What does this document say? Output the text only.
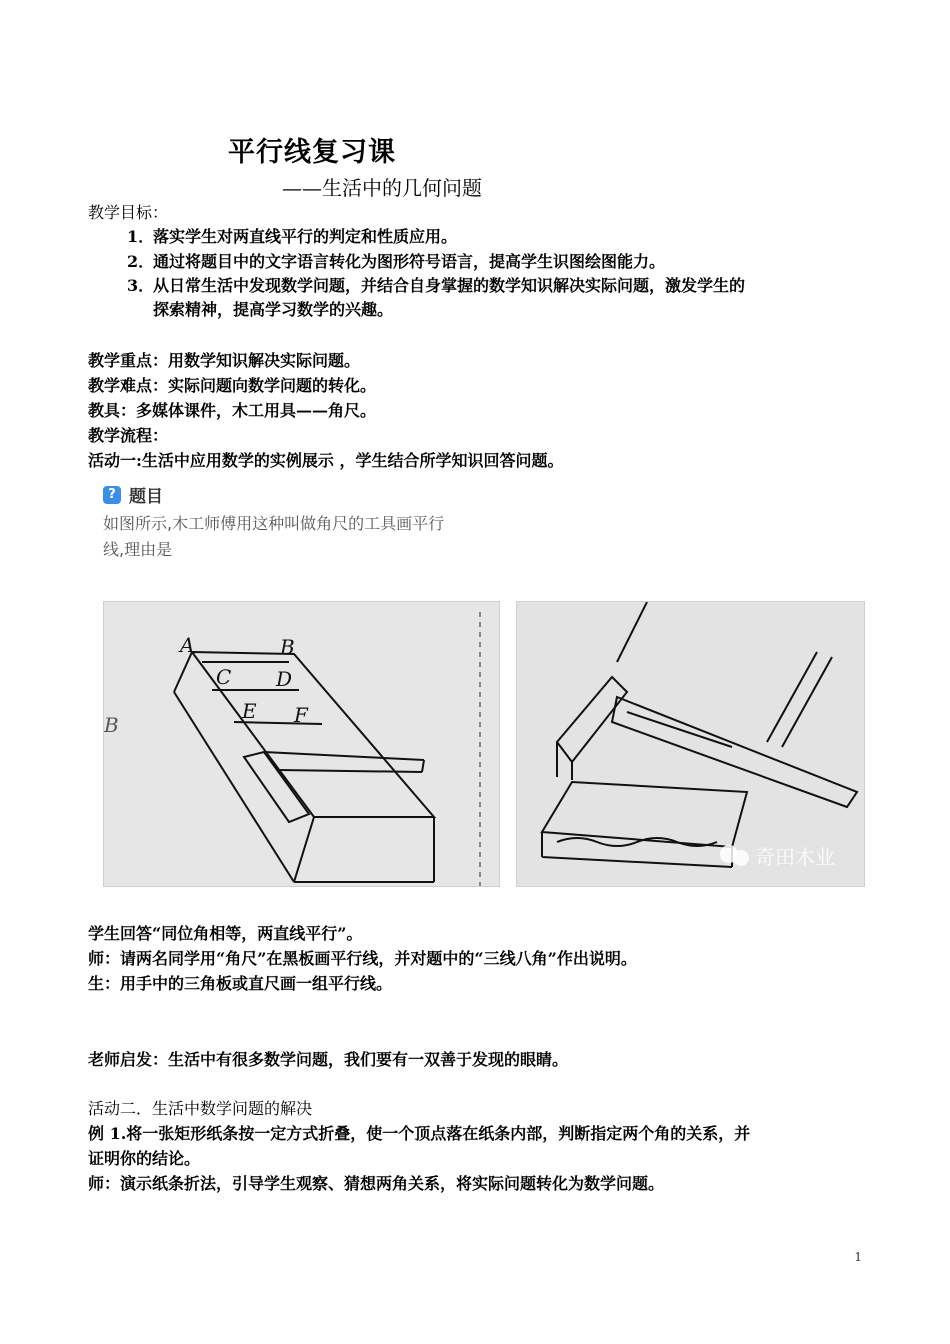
平行线复习课
——生活中的几何问题
教学目标：
1．落实学生对两直线平行的判定和性质应用。
2．通过将题目中的文字语言转化为图形符号语言，提高学生识图绘图能力。
3．从日常生活中发现数学问题，并结合自身掌握的数学知识解决实际问题，激发学生的
探索精神，提高学习数学的兴趣。
教学重点：用数学知识解决实际问题。
教学难点：实际问题向数学问题的转化。
教具：多媒体课件，木工用具——角尺。
教学流程：
活动一:生活中应用数学的实例展示 ，学生结合所学知识回答问题。
? 题目
如图所示,木工师傅用这种叫做角尺的工具画平行
线,理由是
A	B
C D
E F
B
奇田木业
学生回答“同位角相等，两直线平行”。
师：请两名同学用“角尺”在黑板画平行线，并对题中的“三线八角”作出说明。
生：用手中的三角板或直尺画一组平行线。
老师启发：生活中有很多数学问题，我们要有一双善于发现的眼睛。
活动二．生活中数学问题的解决
例 1.将一张矩形纸条按一定方式折叠，使一个顶点落在纸条内部，判断指定两个角的关系，并
证明你的结论。
师：演示纸条折法，引导学生观察、猜想两角关系，将实际问题转化为数学问题。
1
